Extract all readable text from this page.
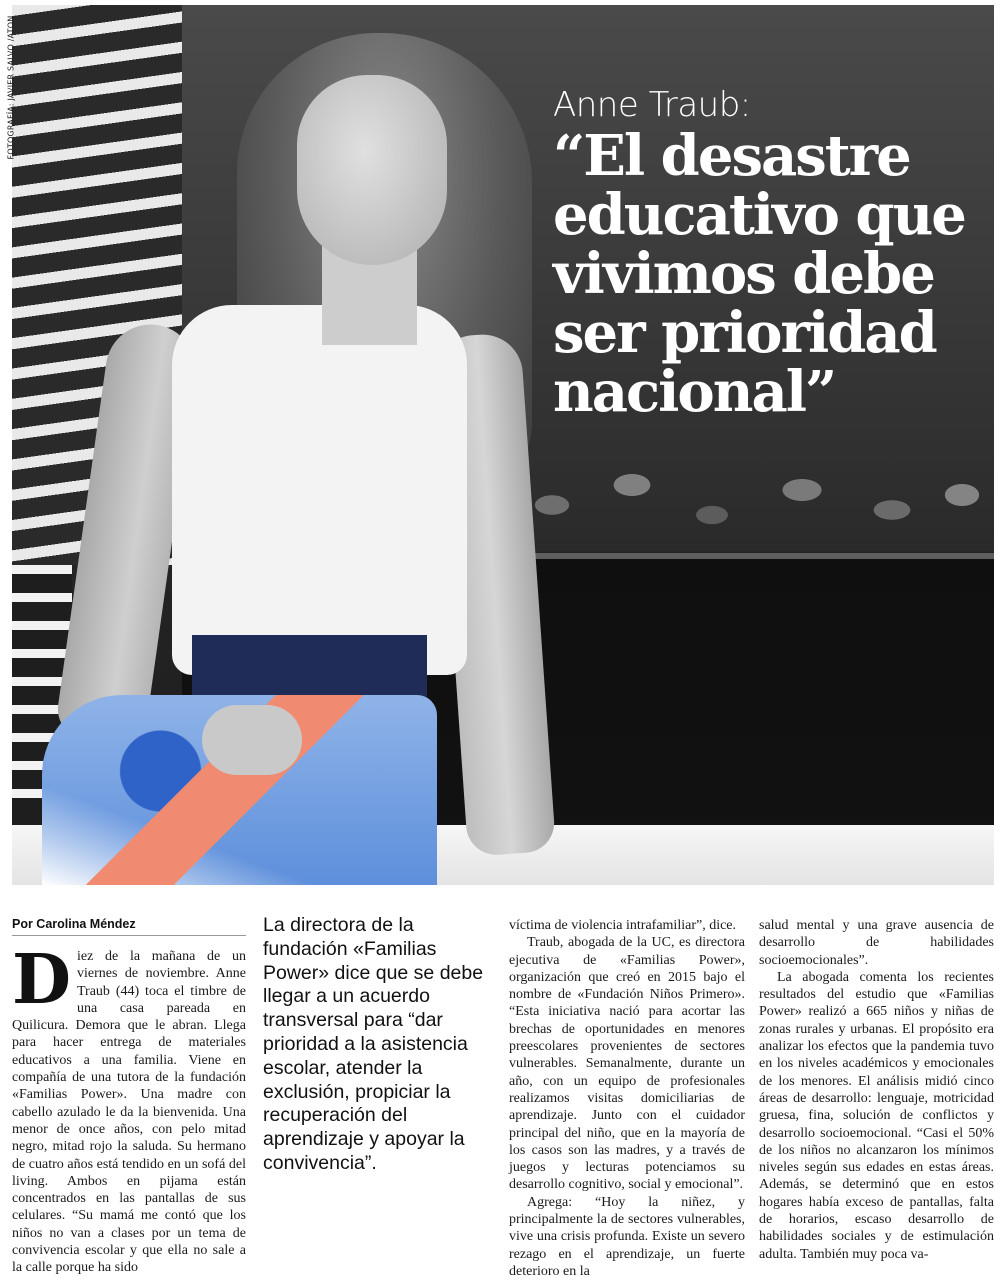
FOTOGRAFÍA: JAVIER SALVO /ATON	Anne Traub:
“El desastre educativo que vivimos debe ser prioridad nacional”
Por Carolina Méndez

Diez de la mañana de un viernes de noviembre. Anne Traub (44) toca el timbre de una casa pareada en Quilicura. Demora que le abran. Llega para hacer entrega de materiales educativos a una familia. Viene en compañía de una tutora de la fundación «Familias Power». Una madre con cabello azulado le da la bienvenida. Una menor de once años, con pelo mitad negro, mitad rojo la saluda. Su hermano de cuatro años está tendido en un sofá del living. Ambos en pijama están concentrados en las pantallas de sus celulares. “Su mamá me contó que los niños no van a clases por un tema de convivencia escolar y que ella no sale a la calle porque ha sido

La directora de la fundación «Familias Power» dice que se debe llegar a un acuerdo transversal para “dar prioridad a la asistencia escolar, atender la exclusión, propiciar la recuperación del aprendizaje y apoyar la convivencia”.

víctima de violencia intrafamiliar”, dice.

Traub, abogada de la UC, es directora ejecutiva de «Familias Power», organización que creó en 2015 bajo el nombre de «Fundación Niños Primero». “Esta iniciativa nació para acortar las brechas de oportunidades en menores preescolares provenientes de sectores vulnerables. Semanalmente, durante un año, con un equipo de profesionales realizamos visitas domiciliarias de aprendizaje. Junto con el cuidador principal del niño, que en la mayoría de los casos son las madres, y a través de juegos y lecturas potenciamos su desarrollo cognitivo, social y emocional”.

Agrega: “Hoy la niñez, y principalmente la de sectores vulnerables, vive una crisis profunda. Existe un severo rezago en el aprendizaje, un fuerte deterioro en la

salud mental y una grave ausencia de desarrollo de habilidades socioemocionales”.

La abogada comenta los recientes resultados del estudio que «Familias Power» realizó a 665 niños y niñas de zonas rurales y urbanas. El propósito era analizar los efectos que la pandemia tuvo en los niveles académicos y emocionales de los menores. El análisis midió cinco áreas de desarrollo: lenguaje, motricidad gruesa, fina, solución de conflictos y desarrollo socioemocional. “Casi el 50% de los niños no alcanzaron los mínimos niveles según sus edades en estas áreas. Además, se determinó que en estos hogares había exceso de pantallas, falta de horarios, escaso desarrollo de habilidades sociales y de estimulación adulta. También muy poca va-
